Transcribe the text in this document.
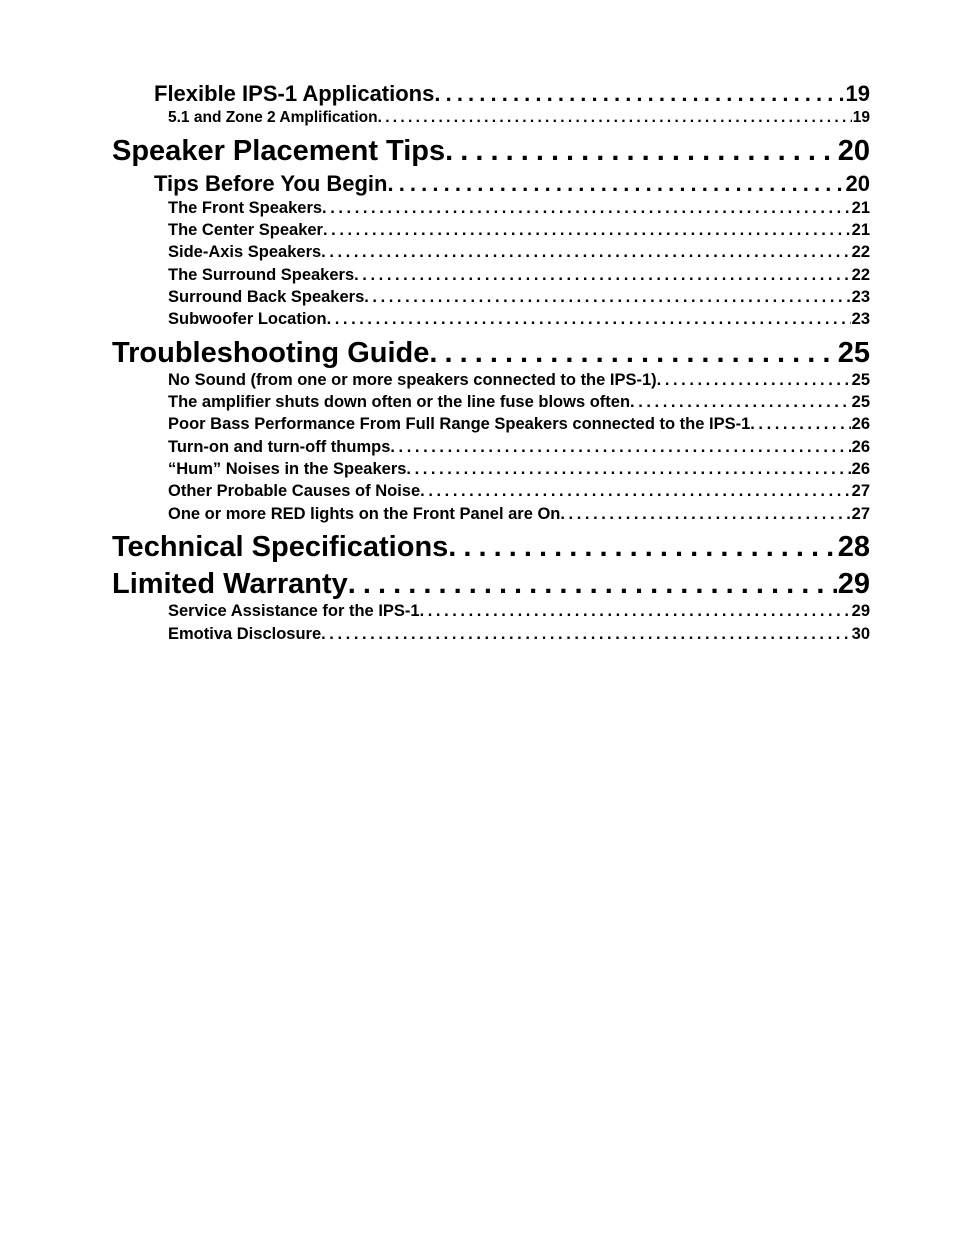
Flexible IPS-1 Applications . . .	19
5.1 and Zone 2 Amplification . . .	19
Speaker Placement Tips . . .	20
Tips Before You Begin . . .	20
The Front Speakers . . .	21
The Center Speaker . . .	21
Side-Axis Speakers . . .	22
The Surround Speakers . . .	22
Surround Back Speakers . . .	23
Subwoofer Location . . .	23
Troubleshooting Guide . . .	25
No Sound (from one or more speakers connected to the IPS-1) . . .	25
The amplifier shuts down often or the line fuse blows often . . .	25
Poor Bass Performance From Full Range Speakers connected to the IPS-1 . . .	26
Turn-on and turn-off thumps . . .	26
“Hum” Noises in the Speakers . . .	26
Other Probable Causes of Noise . . .	27
One or more RED lights on the Front Panel are On . . .	27
Technical Specifications . . .	28
Limited Warranty . . .	29
Service Assistance for the IPS-1 . . .	29
Emotiva Disclosure . . .	30
